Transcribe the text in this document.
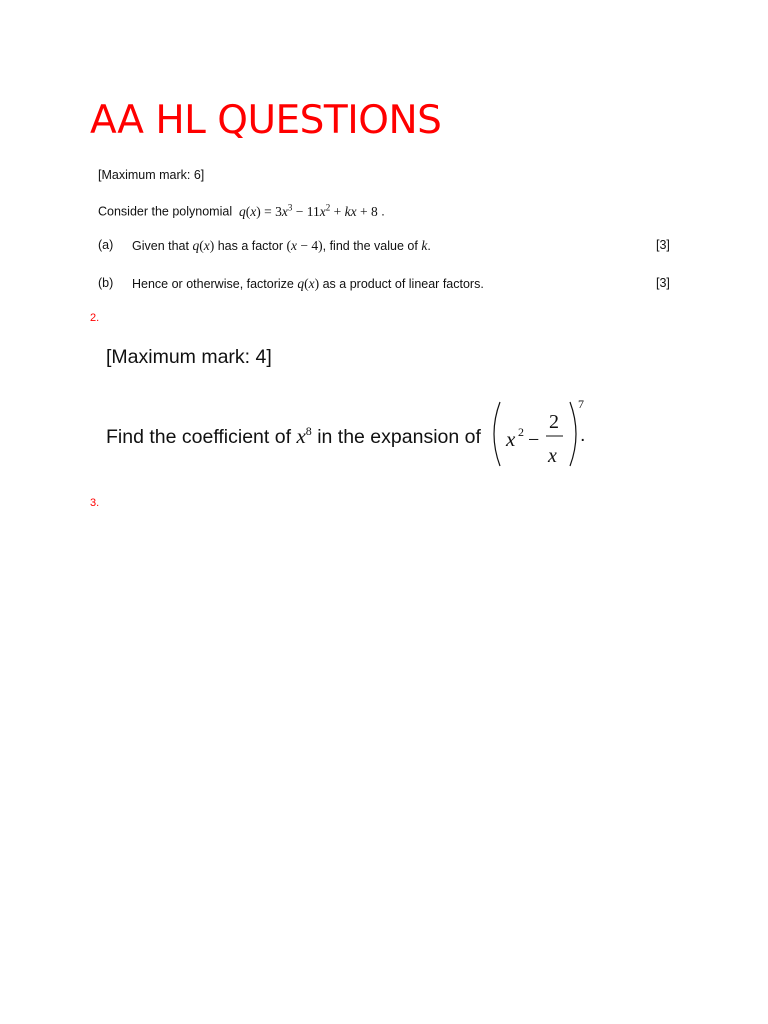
AA HL QUESTIONS
[Maximum mark: 6]
Consider the polynomial  $q(x) = 3x^3 - 11x^2$ + kx + 8 .
(a) Given that q(x) has a factor (x − 4), find the value of k.	[3]
(b) Hence or otherwise, factorize q(x) as a product of linear factors.	[3]
2.
[Maximum mark: 4]
Find the coefficient of $x^8$ in the expansion of x 2 −
2
x
7
.
3.
